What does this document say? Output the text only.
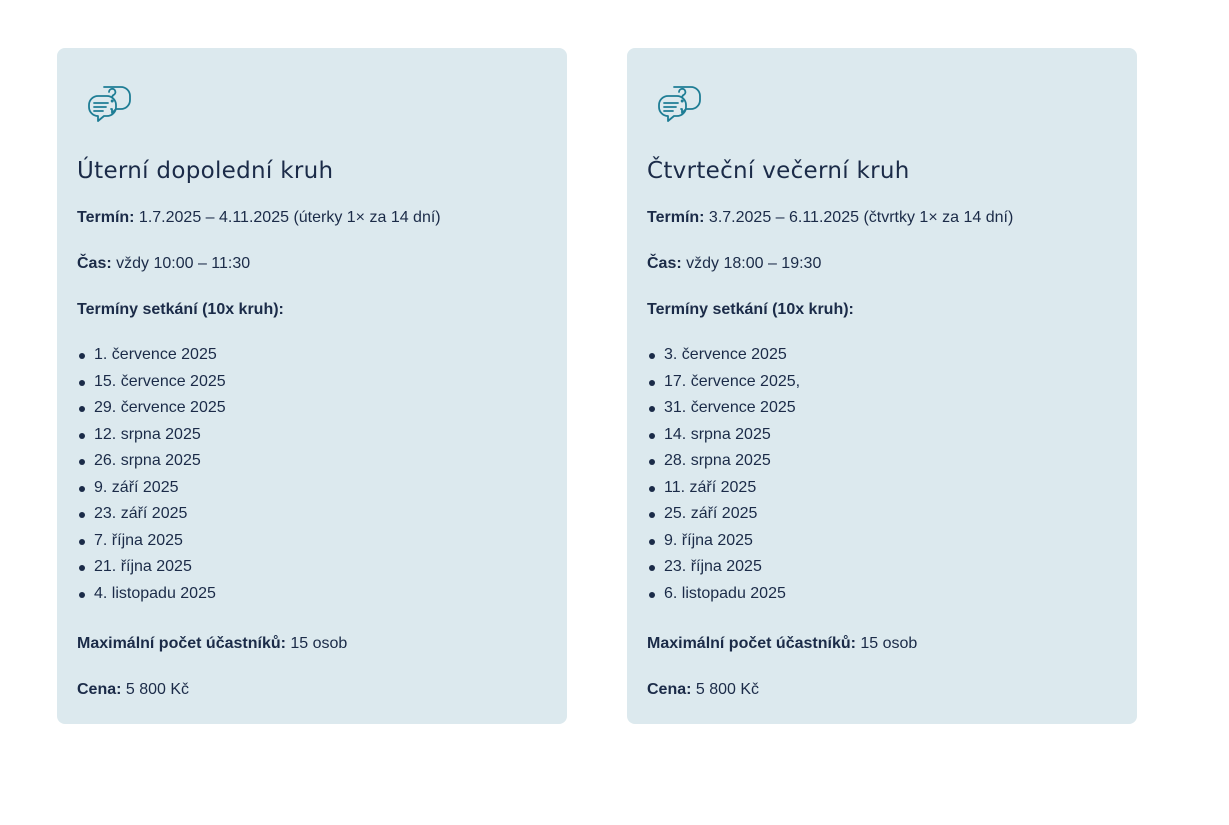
Úterní dopolední kruh
Termín: 1.7.2025 – 4.11.2025 (úterky 1× za 14 dní)
Čas: vždy 10:00 – 11:30
Termíny setkání (10x kruh):
1. července 2025
15. července 2025
29. července 2025
12. srpna 2025
26. srpna 2025
9. září 2025
23. září 2025
7. října 2025
21. října 2025
4. listopadu 2025
Maximální počet účastníků: 15 osob
Cena: 5 800 Kč
Čtvrteční večerní kruh
Termín: 3.7.2025 – 6.11.2025 (čtvrtky 1× za 14 dní)
Čas: vždy 18:00 – 19:30
Termíny setkání (10x kruh):
3. července 2025
17. července 2025,
31. července 2025
14. srpna 2025
28. srpna 2025
11. září 2025
25. září 2025
9. října 2025
23. října 2025
6. listopadu 2025
Maximální počet účastníků: 15 osob
Cena: 5 800 Kč
